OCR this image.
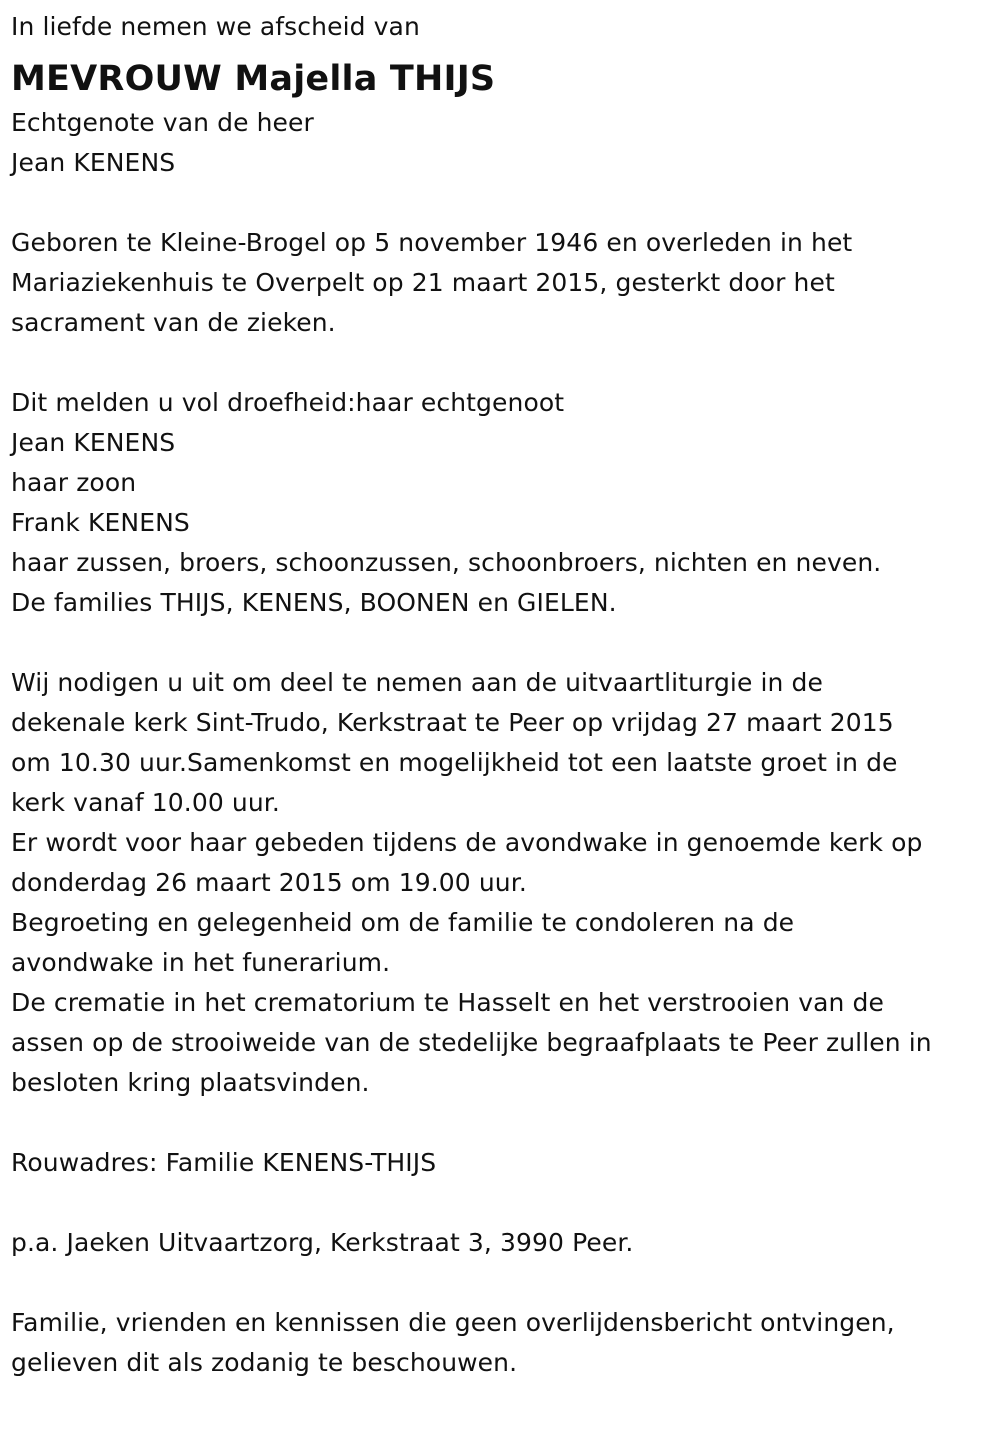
In liefde nemen we afscheid van
MEVROUW Majella THIJS
Echtgenote van de heer
Jean KENENS
Geboren te Kleine-Brogel op 5 november 1946 en overleden in het
Mariaziekenhuis te Overpelt op 21 maart 2015, gesterkt door het
sacrament van de zieken.
Dit melden u vol droefheid:haar echtgenoot
Jean KENENS
haar zoon
Frank KENENS
haar zussen, broers, schoonzussen, schoonbroers, nichten en neven.
De families THIJS, KENENS, BOONEN en GIELEN.
Wij nodigen u uit om deel te nemen aan de uitvaartliturgie in de
dekenale kerk Sint-Trudo, Kerkstraat te Peer op vrijdag 27 maart 2015
om 10.30 uur.Samenkomst en mogelijkheid tot een laatste groet in de
kerk vanaf 10.00 uur.
Er wordt voor haar gebeden tijdens de avondwake in genoemde kerk op
donderdag 26 maart 2015 om 19.00 uur.
Begroeting en gelegenheid om de familie te condoleren na de
avondwake in het funerarium.
De crematie in het crematorium te Hasselt en het verstrooien van de
assen op de strooiweide van de stedelijke begraafplaats te Peer zullen in
besloten kring plaatsvinden.
Rouwadres: Familie KENENS-THIJS
p.a. Jaeken Uitvaartzorg, Kerkstraat 3, 3990 Peer.
Familie, vrienden en kennissen die geen overlijdensbericht ontvingen,
gelieven dit als zodanig te beschouwen.
